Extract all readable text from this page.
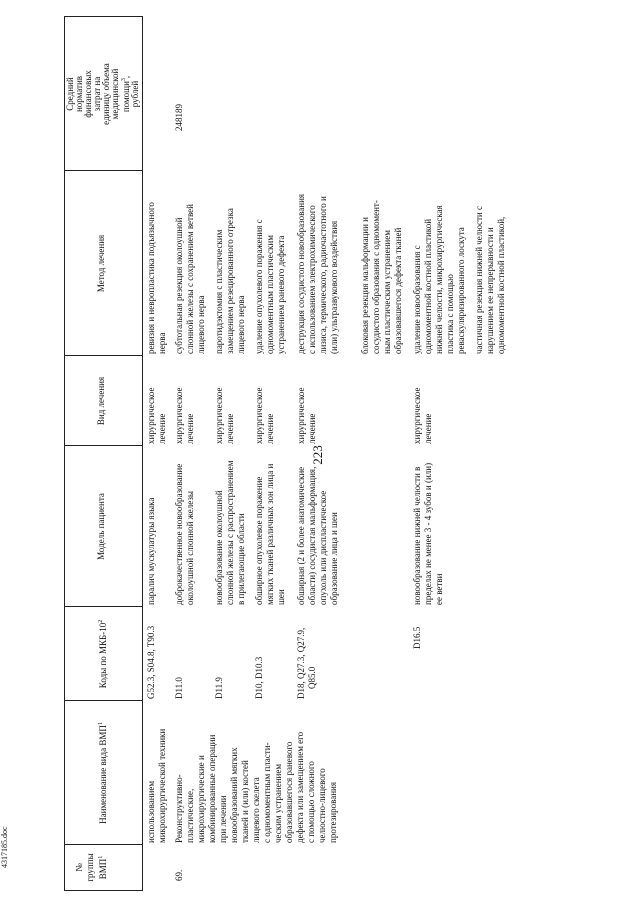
223
4317185.doc	№ группы ВМП$^1$
Наименование вида ВМП$^1$
Коды по МКБ-$10^2$
Модель пациента
Вид лечения
Метод лечения
Средний норматив финансовых затрат на единицу объема медицинской помощи$^3$,
рублей
использованием микрохирургической техники
G52.3, S04.8, T90.3
паралич мускулатуры языка
хирургическое лечение
ревизия и невропластика подъязычного нерва
69.
Реконструктивно- пластические, микрохирургические и комбинированные операции при лечении новообразований мягких тканей и (или) костей лицевого скелета с одномоментным пласти- ческим устранением образовавшегося раневого дефекта или замещением его с помощью сложного челюстно-лицевого протезирования
248189
D11.0
доброкачественное новообразование околоушной слюнной железы
хирургическое лечение
субтотальная резекция околоушной слюнной железы с сохранением ветвей лицевого нерва
D11.9
новообразование околоушной слюнной железы с распространением в прилегающие области
хирургическое лечение
паротидэктомия с пластическим замещением резецированного отрезка лицевого нерва
D10, D10.3
обширное опухолевое поражение мягких тканей различных зон лица и шеи
хирургическое лечение
удаление опухолевого поражения с одномоментным пластическим устранением раневого дефекта
D18, Q27.3, Q27.9, Q85.0
обширная (2 и более анатомические области) сосудистая мальформация, опухоль или диспластическое образование лица и шеи
хирургическое лечение
деструкция сосудистого новообразования с использованием электрохимического лизиса, термического, радиочастотного и (или) ультразвукового воздействия блоковая резекция мальформации и сосудистого образования с одномомент- ным пластическим устранением образовавшегося дефекта тканей
D16.5
новообразование нижней челюсти в пределах не менее 3 - 4 зубов и (или) ее ветви
хирургическое лечение
удаление новообразования с одномоментной костной пластикой нижней челюсти, микрохирургическая пластика с помощью реваскуляризированного лоскута частичная резекция нижней челюсти с нарушением ее непрерывности и одномоментной костной пластикой,
